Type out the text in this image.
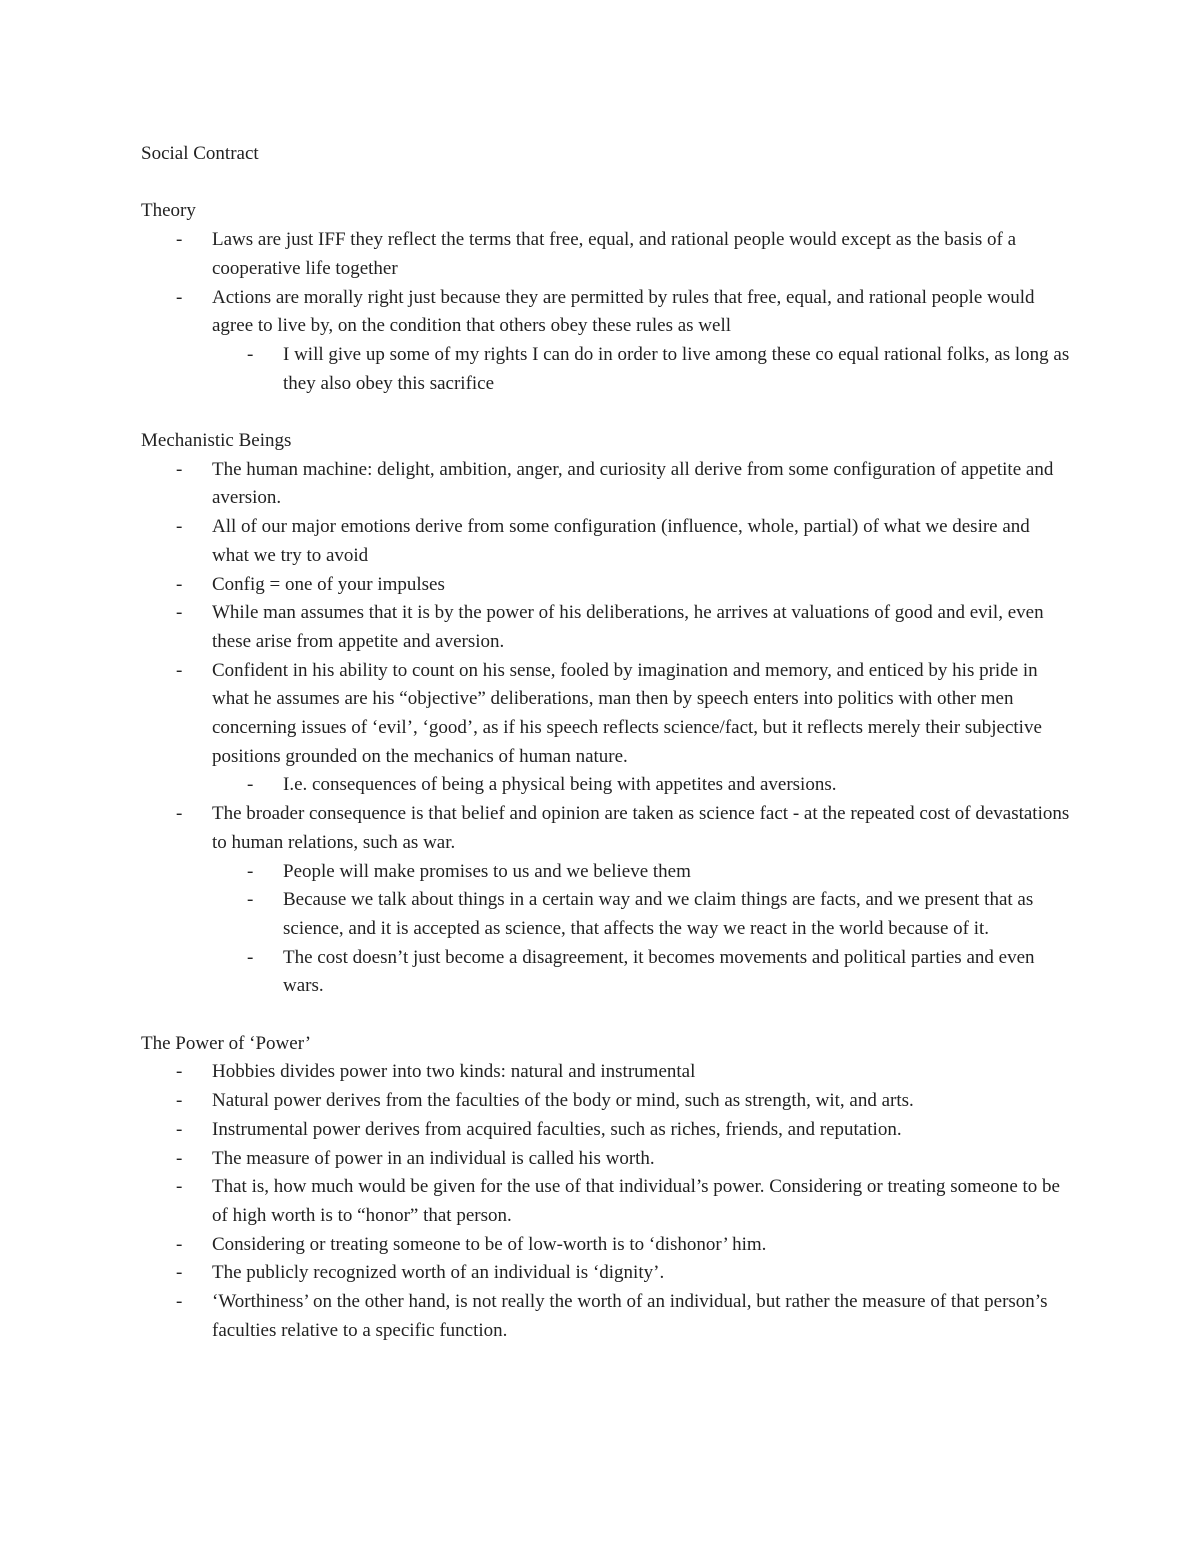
Social Contract
Theory
- Laws are just IFF they reflect the terms that free, equal, and rational people would except as the basis of a cooperative life together
- Actions are morally right just because they are permitted by rules that free, equal, and rational people would agree to live by, on the condition that others obey these rules as well
- I will give up some of my rights I can do in order to live among these co equal rational folks, as long as they also obey this sacrifice
Mechanistic Beings
- The human machine: delight, ambition, anger, and curiosity all derive from some configuration of appetite and aversion.
- All of our major emotions derive from some configuration (influence, whole, partial) of what we desire and what we try to avoid
- Config = one of your impulses
- While man assumes that it is by the power of his deliberations, he arrives at valuations of good and evil, even these arise from appetite and aversion.
- Confident in his ability to count on his sense, fooled by imagination and memory, and enticed by his pride in what he assumes are his “objective” deliberations, man then by speech enters into politics with other men concerning issues of ‘evil’, ‘good’, as if his speech reflects science/fact, but it reflects merely their subjective positions grounded on the mechanics of human nature.
- I.e. consequences of being a physical being with appetites and aversions.
- The broader consequence is that belief and opinion are taken as science fact - at the repeated cost of devastations to human relations, such as war.
- People will make promises to us and we believe them
- Because we talk about things in a certain way and we claim things are facts, and we present that as science, and it is accepted as science, that affects the way we react in the world because of it.
- The cost doesn’t just become a disagreement, it becomes movements and political parties and even wars.
The Power of ‘Power’
- Hobbies divides power into two kinds: natural and instrumental
- Natural power derives from the faculties of the body or mind, such as strength, wit, and arts.
- Instrumental power derives from acquired faculties, such as riches, friends, and reputation.
- The measure of power in an individual is called his worth.
- That is, how much would be given for the use of that individual’s power. Considering or treating someone to be of high worth is to “honor” that person.
- Considering or treating someone to be of low-worth is to ‘dishonor’ him.
- The publicly recognized worth of an individual is ‘dignity’.
- ‘Worthiness’ on the other hand, is not really the worth of an individual, but rather the measure of that person’s faculties relative to a specific function.
